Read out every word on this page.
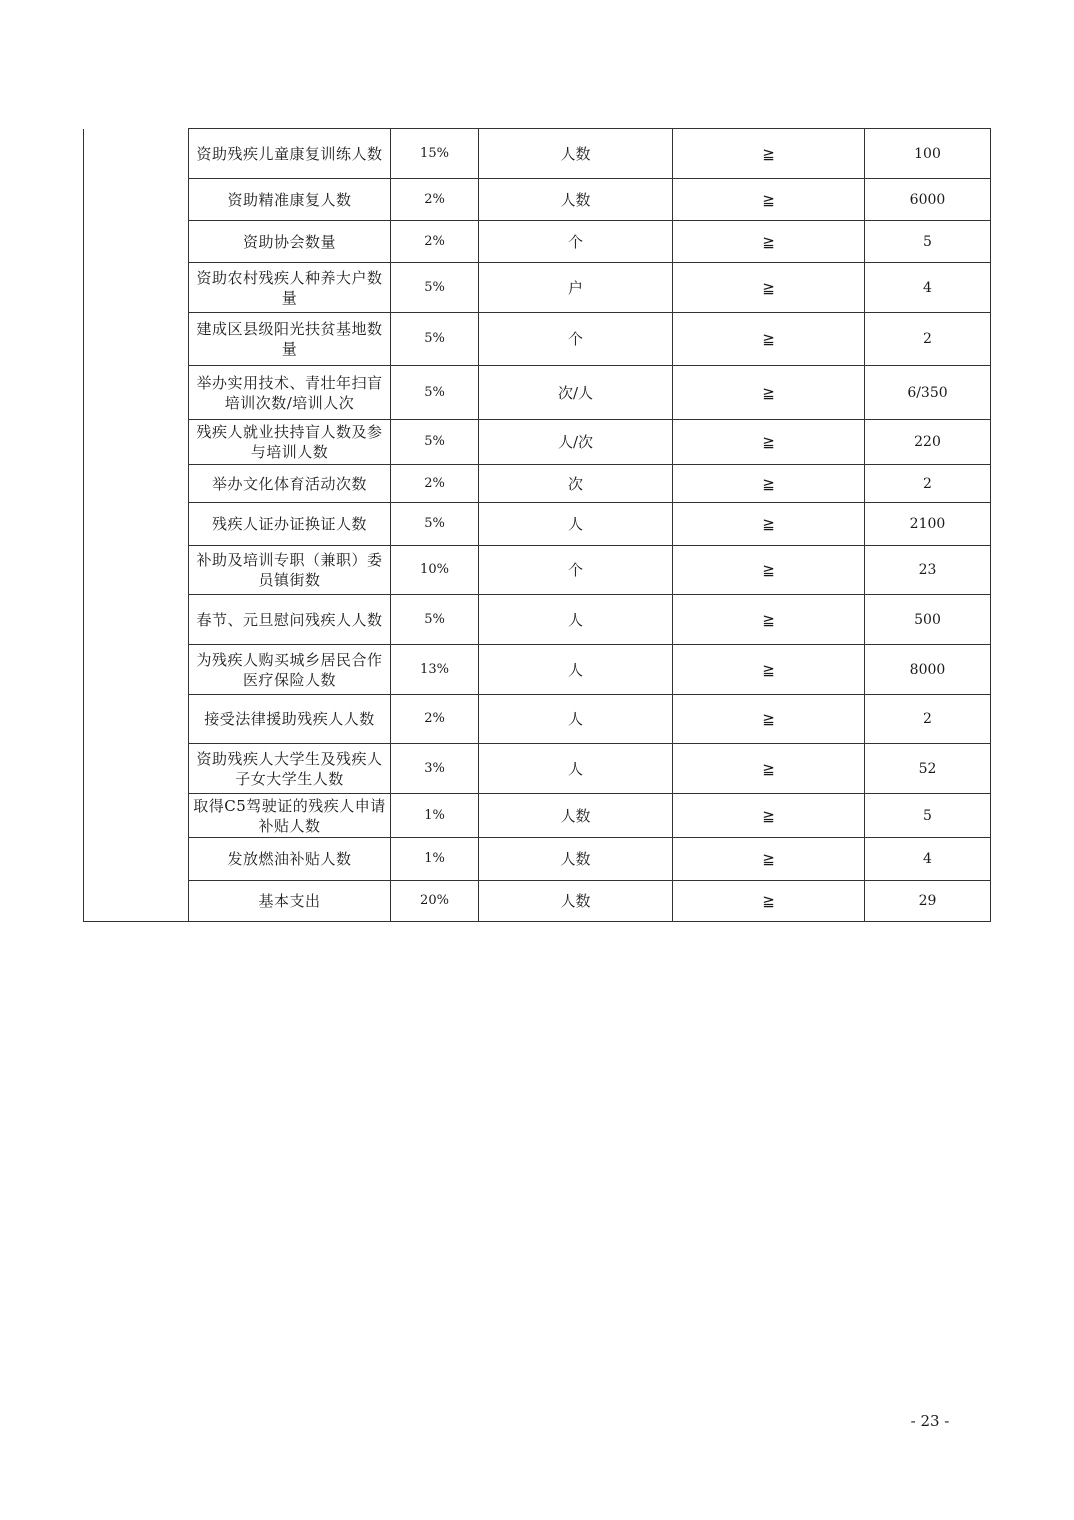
资助残疾儿童康复训练人数	15%	人数	≧	100
资助精准康复人数	2%	人数	≧	6000
资助协会数量	2%	个	≧	5
资助农村残疾人种养大户数量	5%	户	≧	4
建成区县级阳光扶贫基地数量	5%	个	≧	2
举办实用技术、青壮年扫盲培训次数/培训人次	5%	次/人	≧	6/350
残疾人就业扶持盲人数及参与培训人数	5%	人/次	≧	220
举办文化体育活动次数	2%	次	≧	2
残疾人证办证换证人数	5%	人	≧	2100
补助及培训专职（兼职）委员镇街数	10%	个	≧	23
春节、元旦慰问残疾人人数	5%	人	≧	500
为残疾人购买城乡居民合作医疗保险人数	13%	人	≧	8000
接受法律援助残疾人人数	2%	人	≧	2
资助残疾人大学生及残疾人子女大学生人数	3%	人	≧	52
取得C5驾驶证的残疾人申请补贴人数	1%	人数	≧	5
发放燃油补贴人数	1%	人数	≧	4
基本支出	20%	人数	≧	29
- 23 -
